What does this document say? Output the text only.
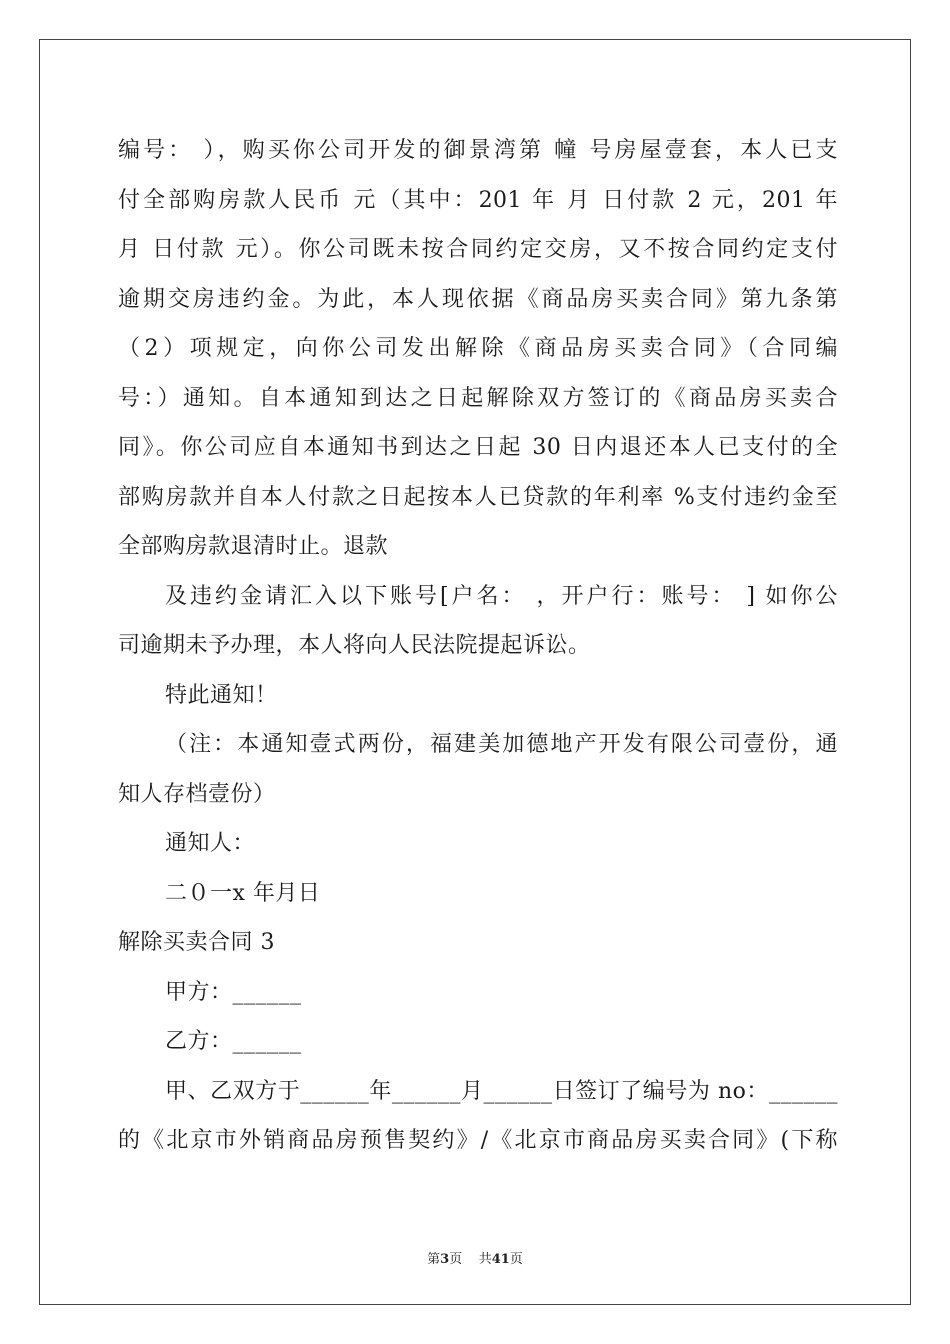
编号： ），购买你公司开发的御景湾第 幢 号房屋壹套，本人已支
付全部购房款人民币 元（其中：201 年 月 日付款 2 元，201 年
月 日付款 元）。你公司既未按合同约定交房，又不按合同约定支付
逾期交房违约金。为此，本人现依据《商品房买卖合同》第九条第
（2）项规定，向你公司发出解除《商品房买卖合同》（合同编
号：）通知。自本通知到达之日起解除双方签订的《商品房买卖合
同》。你公司应自本通知书到达之日起 30 日内退还本人已支付的全
部购房款并自本人付款之日起按本人已贷款的年利率 %支付违约金至
全部购房款退清时止。退款
及违约金请汇入以下账号[户名： ，开户行：账号： ] 如你公
司逾期未予办理，本人将向人民法院提起诉讼。
特此通知！
（注：本通知壹式两份，福建美加德地产开发有限公司壹份，通
知人存档壹份）
通知人：
二０一x 年月日
解除买卖合同 3
甲方：______
乙方：______
甲、乙双方于______年______月______日签订了编号为 no：______
的《北京市外销商品房预售契约》/《北京市商品房买卖合同》(下称
第3页 共41页
